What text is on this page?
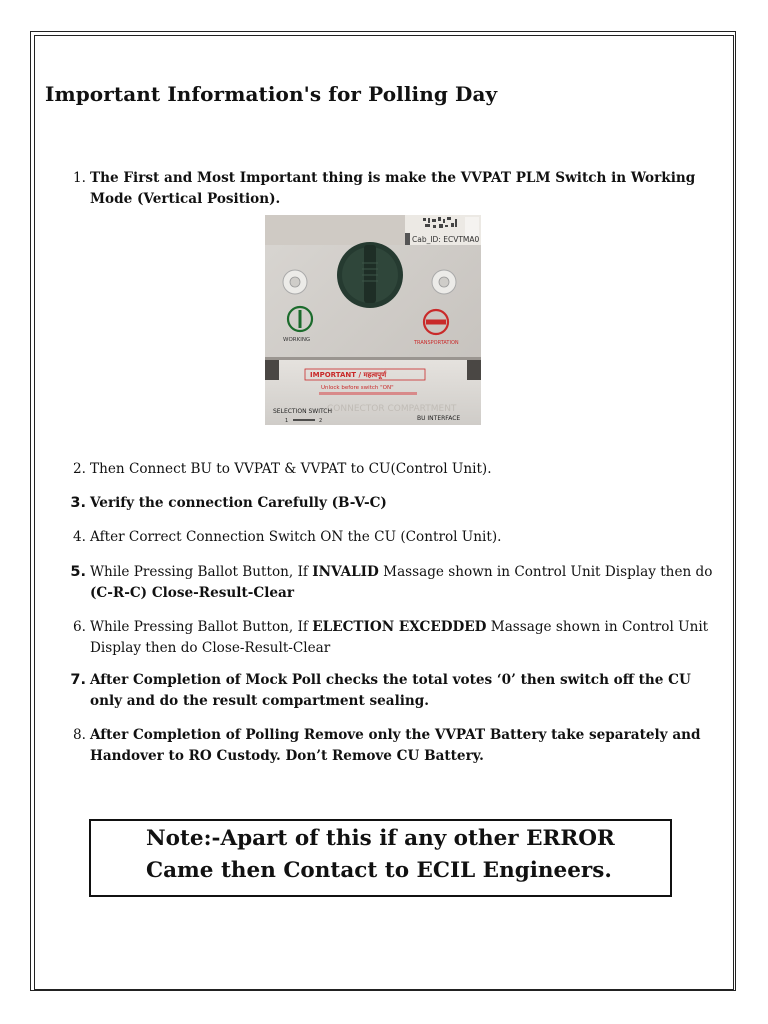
Important Information's for Polling Day
1. The First and Most Important thing is make the VVPAT PLM Switch in Working Mode (Vertical Position).
Cab_ID: ECVTMA0
WORKING	TRANSPORTATION
IMPORTANT / महत्वपूर्ण
Unlock before switch "ON"
CONNECTOR COMPARTMENT
SELECTION SWITCH
1	2	BU INTERFACE
2. Then Connect BU to VVPAT & VVPAT to CU(Control Unit).
3. Verify the connection Carefully (B-V-C)
4. After Correct Connection Switch ON the CU (Control Unit).
5. While Pressing Ballot Button, If INVALID Massage shown in Control Unit Display then do (C-R-C) Close-Result-Clear
6. While Pressing Ballot Button, If ELECTION EXCEDDED Massage shown in Control Unit Display then do Close-Result-Clear
7. After Completion of Mock Poll checks the total votes ‘0’ then switch off the CU only and do the result compartment sealing.
8. After Completion of Polling Remove only the VVPAT Battery take separately and Handover to RO Custody. Don’t Remove CU Battery.
Note:-Apart of this if any other ERROR
Came then Contact to ECIL Engineers.
